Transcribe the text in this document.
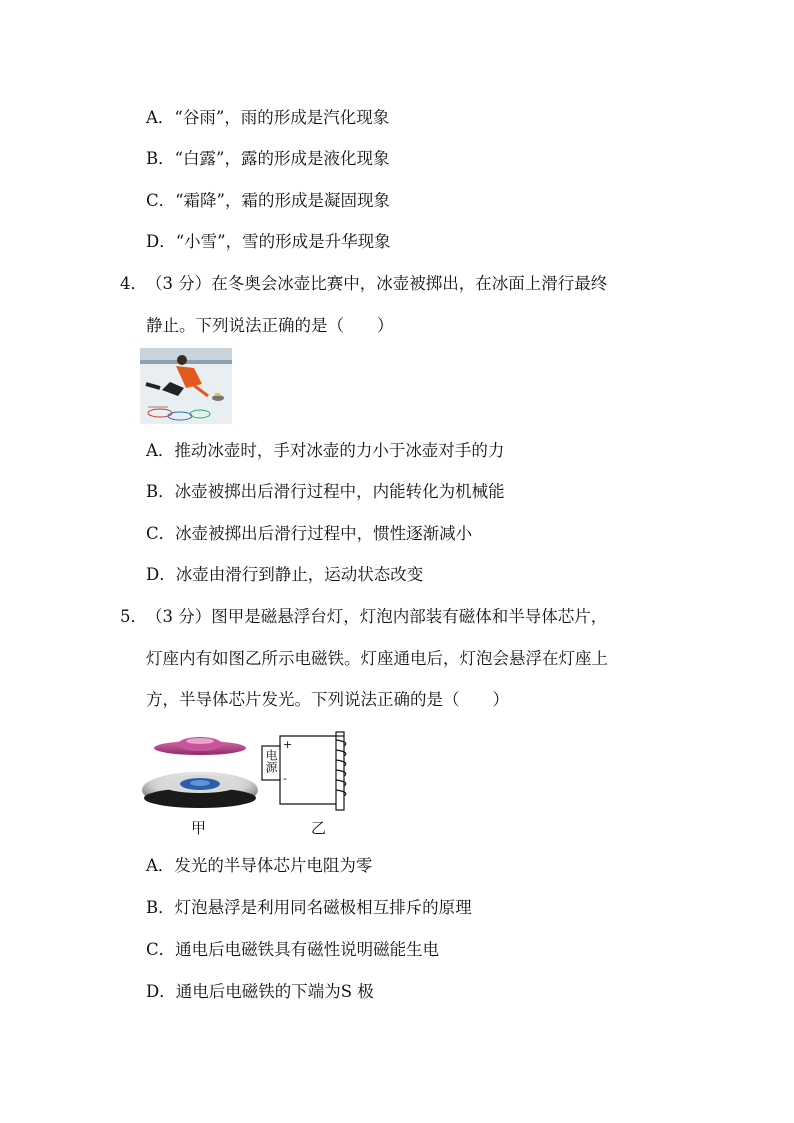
A．“谷雨”，雨的形成是汽化现象
B．“白露”，露的形成是液化现象
C．“霜降”，霜的形成是凝固现象
D．“小雪”，雪的形成是升华现象
4． （3 分）在冬奥会冰壶比赛中，冰壶被掷出，在冰面上滑行最终
静止。下列说法正确的是（　　）
A．推动冰壶时，手对冰壶的力小于冰壶对手的力
B．冰壶被掷出后滑行过程中，内能转化为机械能
C．冰壶被掷出后滑行过程中，惯性逐渐减小
D．冰壶由滑行到静止，运动状态改变
5． （3 分）图甲是磁悬浮台灯，灯泡内部装有磁体和半导体芯片，
灯座内有如图乙所示电磁铁。灯座通电后，灯泡会悬浮在灯座上
方，半导体芯片发光。下列说法正确的是（　　）
甲
+
-
电源
乙
A．发光的半导体芯片电阻为零
B．灯泡悬浮是利用同名磁极相互排斥的原理
C．通电后电磁铁具有磁性说明磁能生电
D．通电后电磁铁的下端为S 极
